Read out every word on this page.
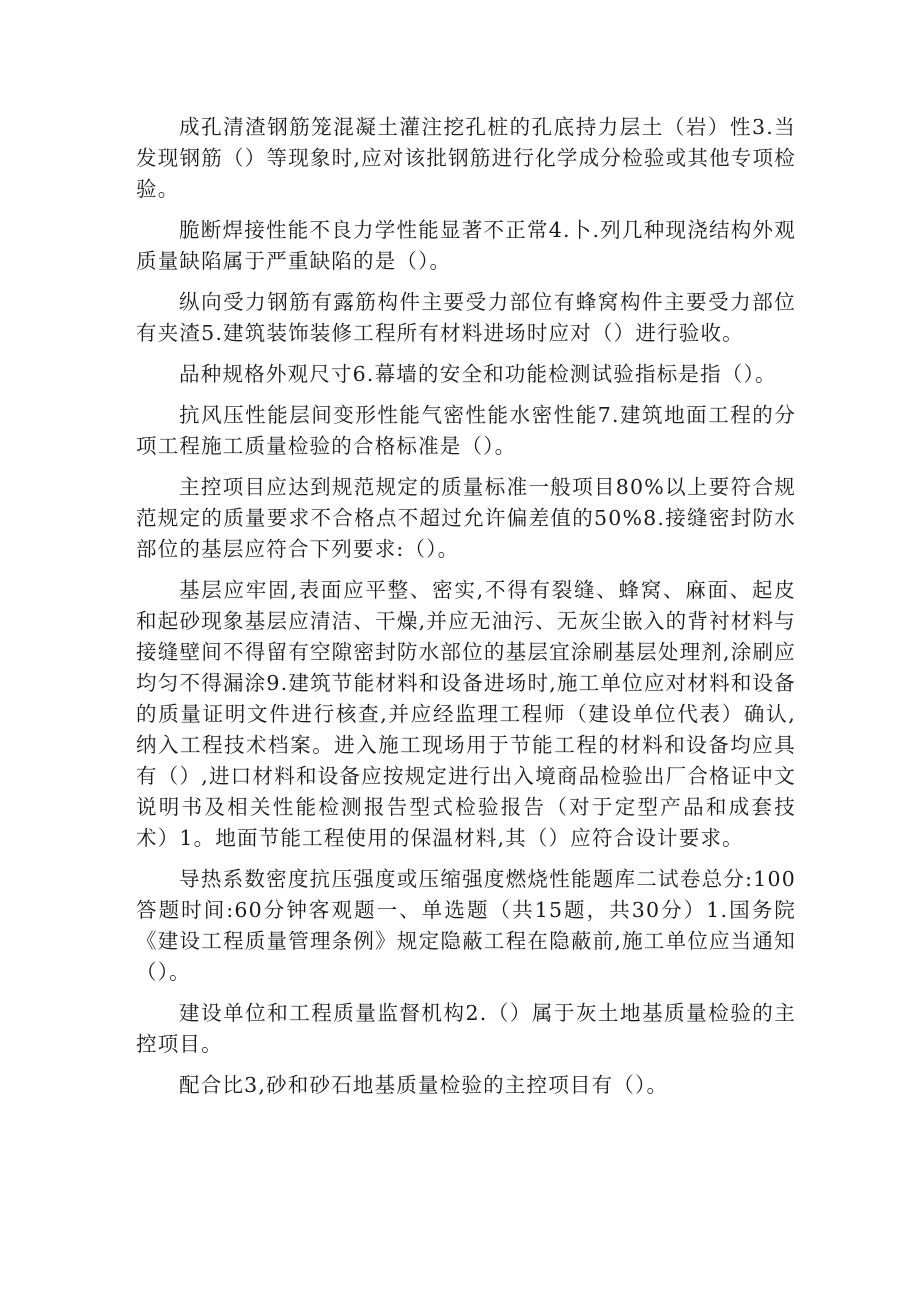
成孔清渣钢筋笼混凝土灌注挖孔桩的孔底持力层土（岩）性3.当发现钢筋（）等现象时,应对该批钢筋进行化学成分检验或其他专项检验。

脆断焊接性能不良力学性能显著不正常4.卜.列几种现浇结构外观质量缺陷属于严重缺陷的是（）。

纵向受力钢筋有露筋构件主要受力部位有蜂窝构件主要受力部位有夹渣5.建筑装饰装修工程所有材料进场时应对（）进行验收。

品种规格外观尺寸6.幕墙的安全和功能检测试验指标是指（）。

抗风压性能层间变形性能气密性能水密性能7.建筑地面工程的分项工程施工质量检验的合格标准是（）。

主控项目应达到规范规定的质量标准一般项目80%以上要符合规范规定的质量要求不合格点不超过允许偏差值的50%8.接缝密封防水部位的基层应符合下列要求:（）。

基层应牢固,表面应平整、密实,不得有裂缝、蜂窝、麻面、起皮和起砂现象基层应清洁、干燥,并应无油污、无灰尘嵌入的背衬材料与接缝壁间不得留有空隙密封防水部位的基层宜涂刷基层处理剂,涂刷应均匀不得漏涂9.建筑节能材料和设备进场时,施工单位应对材料和设备的质量证明文件进行核查,并应经监理工程师（建设单位代表）确认,纳入工程技术档案。进入施工现场用于节能工程的材料和设备均应具有（）,进口材料和设备应按规定进行出入境商品检验出厂合格证中文说明书及相关性能检测报告型式检验报告（对于定型产品和成套技术）1。地面节能工程使用的保温材料,其（）应符合设计要求。

导热系数密度抗压强度或压缩强度燃烧性能题库二试卷总分:100答题时间:60分钟客观题一、单选题（共15题，共30分）1.国务院《建设工程质量管理条例》规定隐蔽工程在隐蔽前,施工单位应当通知（）。

建设单位和工程质量监督机构2.（）属于灰土地基质量检验的主控项目。

配合比3,砂和砂石地基质量检验的主控项目有（）。
